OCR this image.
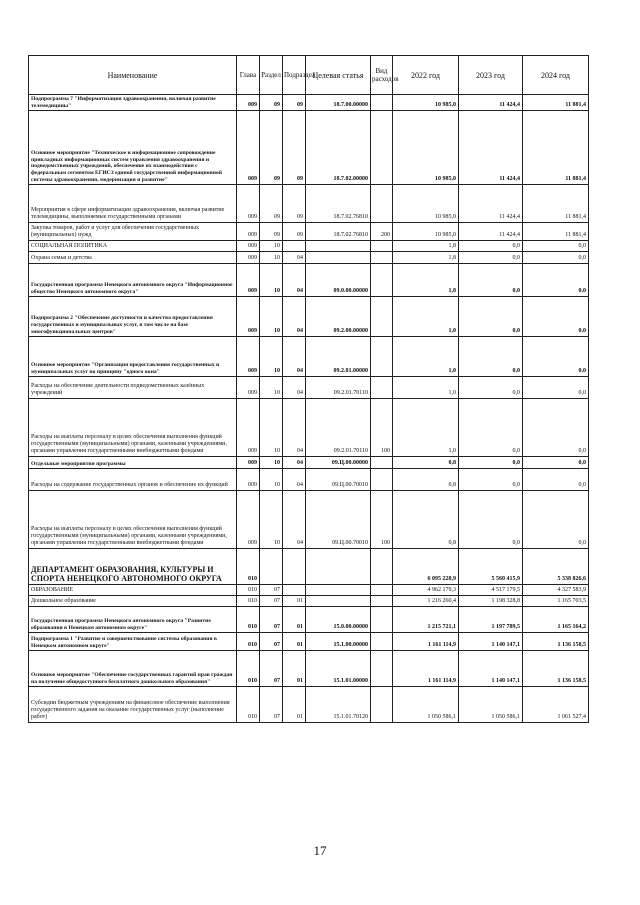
Наименование	Глава	Раздел	Подраздел	Целевая статья	Вид расходов	2022 год	2023 год	2024 год
Подпрограмма 7 "Информатизация здравоохранения, включая развитие телемедицины"	009	09	09	18.7.00.00000		10 985,0	11 424,4	11 881,4
Основное мероприятие "Техническое и информационное сопровождение прикладных информационных систем управления здравоохранения и подведомственных учреждений, обеспечение их взаимодействия с федеральным сегментом ЕГИСЗ единой государственной информационной системы здравоохранения, модернизация и развитие"	009	09	09	18.7.02.00000		10 985,0	11 424,4	11 881,4
Мероприятия в сфере информатизации здравоохранения, включая развитие телемедицины, выполняемые государственными органами	009	09	09	18.7.02.76810		10 985,0	11 424,4	11 881,4
Закупка товаров, работ и услуг для обеспечения государственных (муниципальных) нужд	009	09	09	18.7.02.76810	200	10 985,0	11 424,4	11 881,4
СОЦИАЛЬНАЯ ПОЛИТИКА	009	10				1,8	0,0	0,0
Охрана семьи и детства	009	10	04			1,8	0,0	0,0
Государственная программа Ненецкого автономного округа "Информационное общество Ненецкого автономного округа"	009	10	04	09.0.00.00000		1,8	0,0	0,0
Подпрограмма 2 "Обеспечение доступности и качества предоставления государственных и муниципальных услуг, в том числе на базе многофункциональных центров"	009	10	04	09.2.00.00000		1,0	0,0	0,0
Основное мероприятие "Организация предоставления государственных и муниципальных услуг по принципу "одного окна"	009	10	04	09.2.01.00000		1,0	0,0	0,0
Расходы на обеспечение деятельности подведомственных казённых учреждений	009	10	04	09.2.01.70110		1,0	0,0	0,0
Расходы на выплаты персоналу в целях обеспечения выполнения функций государственными (муниципальными) органами, казенными учреждениями, органами управления государственными внебюджетными фондами	009	10	04	09.2.01.70110	100	1,0	0,0	0,0
Отдельные мероприятия программы	009	10	04	09.Ц.00.00000		0,8	0,0	0,0
Расходы на содержание государственных органов и обеспечение их функций	009	10	04	09.Ц.00.70010		0,8	0,0	0,0
Расходы на выплаты персоналу в целях обеспечения выполнения функций государственными (муниципальными) органами, казенными учреждениями, органами управления государственными внебюджетными фондами	009	10	04	09.Ц.00.70010	100	0,8	0,0	0,0
ДЕПАРТАМЕНТ ОБРАЗОВАНИЯ, КУЛЬТУРЫ И СПОРТА НЕНЕЦКОГО АВТОНОМНОГО ОКРУГА	010					6 095 228,9	5 560 415,9	5 338 826,6
ОБРАЗОВАНИЕ	010	07				4 962 179,3	4 517 179,5	4 327 583,9
Дошкольное образование	010	07	01			1 216 260,4	1 198 328,8	1 165 703,5
Государственная программа Ненецкого автономного округа "Развитие образования в Ненецком автономном округе"	010	07	01	15.0.00.00000		1 215 721,1	1 197 789,5	1 165 164,2
Подпрограмма 1 "Развитие и совершенствование системы образования в Ненецком автономном округе"	010	07	01	15.1.00.00000		1 161 114,9	1 140 147,1	1 136 158,5
Основное мероприятие "Обеспечение государственных гарантий прав граждан на получение общедоступного бесплатного дошкольного образования"	010	07	01	15.1.01.00000		1 161 114,9	1 140 147,1	1 136 158,5
Субсидии бюджетным учреждениям на финансовое обеспечение выполнения государственного задания на оказание государственных услуг (выполнение работ)	010	07	01	15.1.01.70120		1 050 586,1	1 050 586,1	1 061 527,4
17
